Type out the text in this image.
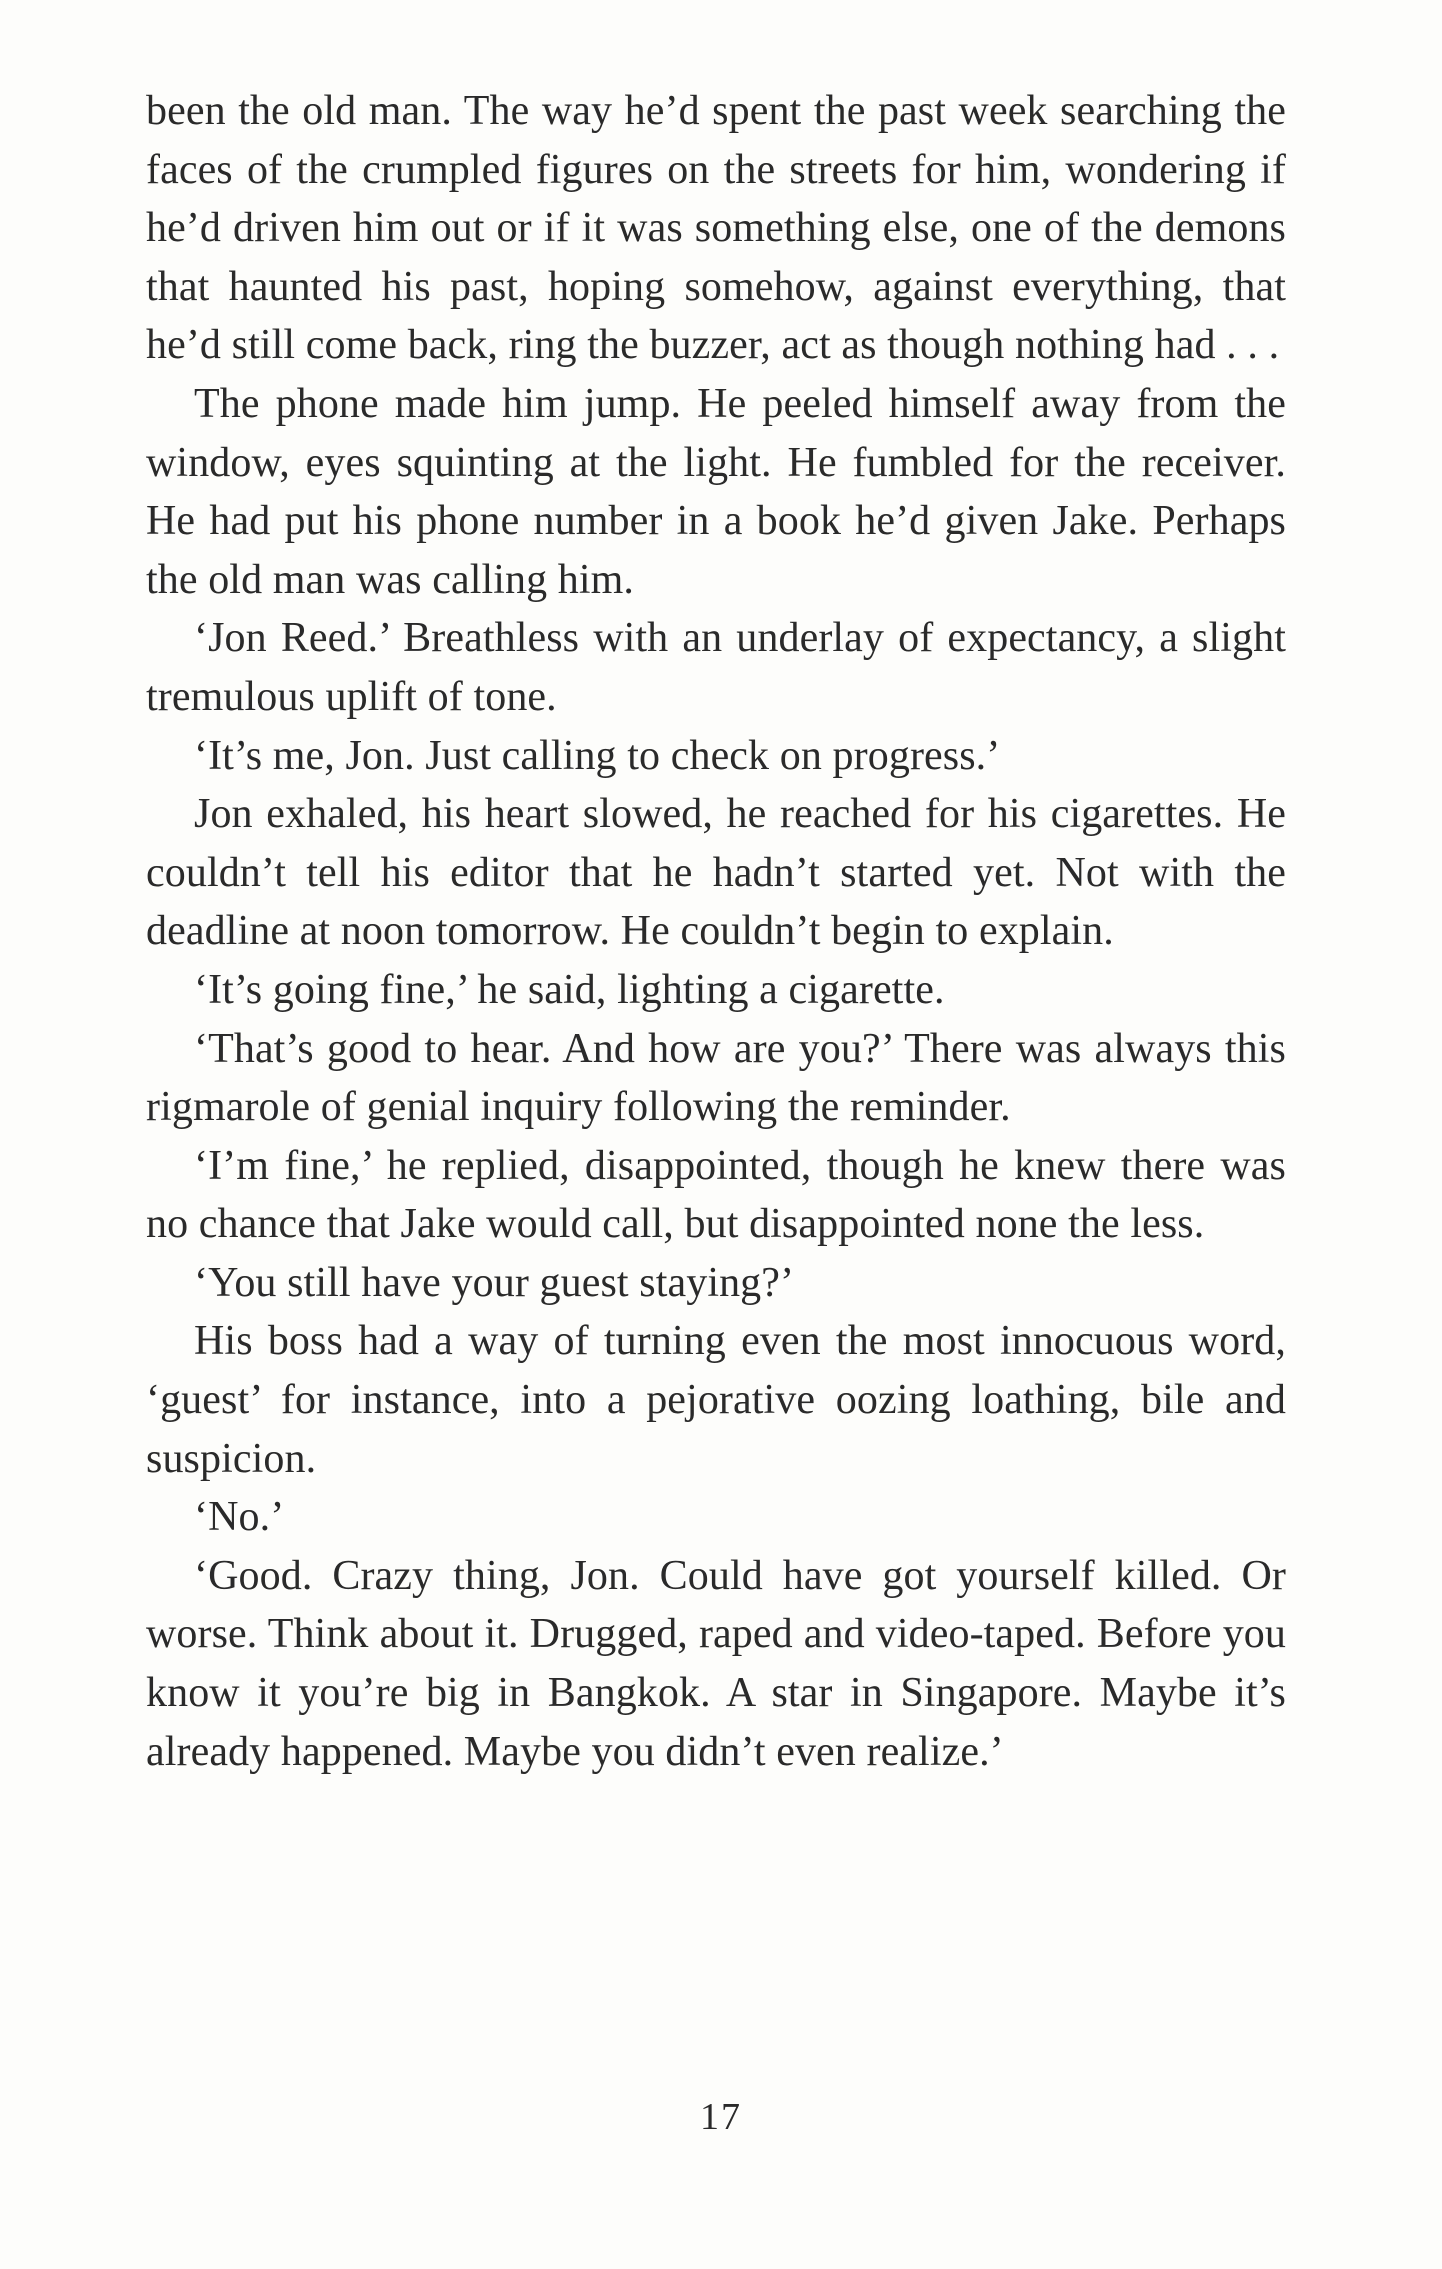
been the old man. The way he’d spent the past week searching the faces of the crumpled figures on the streets for him, wondering if he’d driven him out or if it was something else, one of the demons that haunted his past, hoping somehow, against everything, that he’d still come back, ring the buzzer, act as though nothing had . . .

The phone made him jump. He peeled himself away from the window, eyes squinting at the light. He fumbled for the receiver. He had put his phone number in a book he’d given Jake. Perhaps the old man was calling him.

‘Jon Reed.’ Breathless with an underlay of expectancy, a slight tremulous uplift of tone.

‘It’s me, Jon. Just calling to check on progress.’

Jon exhaled, his heart slowed, he reached for his cigarettes. He couldn’t tell his editor that he hadn’t started yet. Not with the deadline at noon tomorrow. He couldn’t begin to explain.

‘It’s going fine,’ he said, lighting a cigarette.

‘That’s good to hear. And how are you?’ There was always this rigmarole of genial inquiry following the reminder.

‘I’m fine,’ he replied, disappointed, though he knew there was no chance that Jake would call, but disappointed none the less.

‘You still have your guest staying?’

His boss had a way of turning even the most innocuous word, ‘guest’ for instance, into a pejorative oozing loathing, bile and suspicion.

‘No.’

‘Good. Crazy thing, Jon. Could have got yourself killed. Or worse. Think about it. Drugged, raped and video-taped. Before you know it you’re big in Bangkok. A star in Singapore. Maybe it’s already happened. Maybe you didn’t even realize.’

17
